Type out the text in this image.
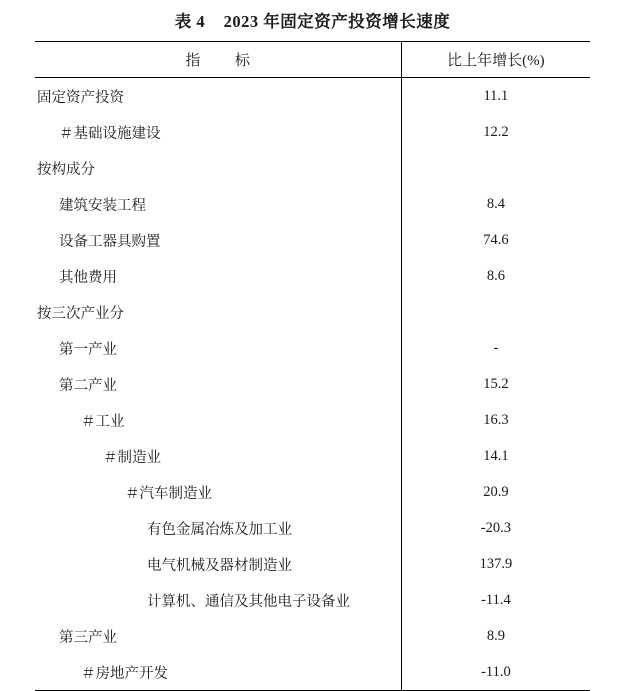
表 4    2023 年固定资产投资增长速度
指        标	比上年增长(%)
固定资产投资	11.1
＃基础设施建设	12.2
按构成分	
建筑安装工程	8.4
设备工器具购置	74.6
其他费用	8.6
按三次产业分	
第一产业	-
第二产业	15.2
＃工业	16.3
＃制造业	14.1
＃汽车制造业	20.9
有色金属冶炼及加工业	-20.3
电气机械及器材制造业	137.9
计算机、通信及其他电子设备业	-11.4
第三产业	8.9
＃房地产开发	-11.0
